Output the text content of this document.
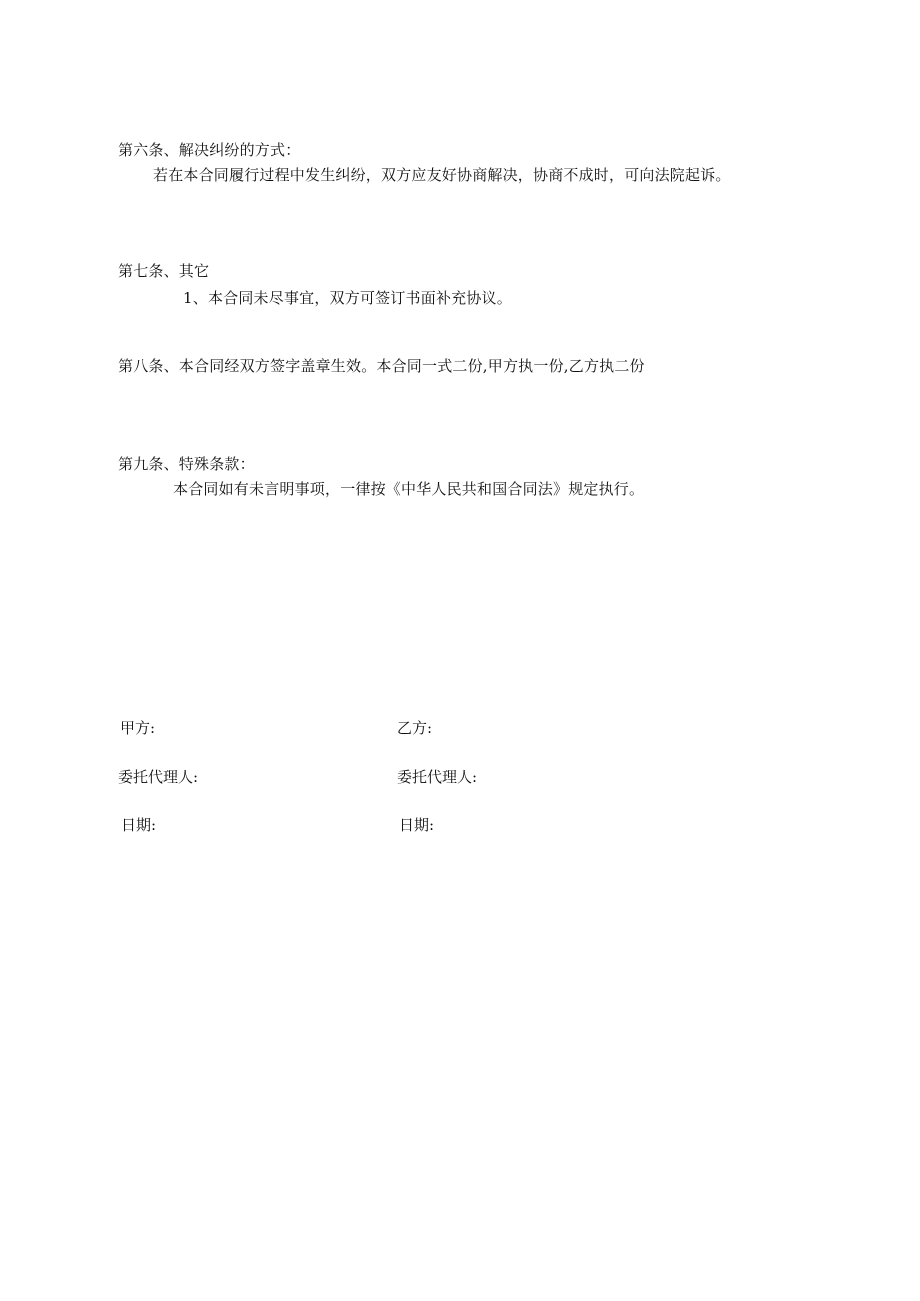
第六条、解决纠纷的方式：
若在本合同履行过程中发生纠纷，双方应友好协商解决，协商不成时，可向法院起诉。
第七条、其它
1、本合同未尽事宜，双方可签订书面补充协议。
第八条、本合同经双方签字盖章生效。本合同一式二份,甲方执一份,乙方执二份
第九条、特殊条款：
本合同如有未言明事项，一律按《中华人民共和国合同法》规定执行。
甲方:	乙方:
委托代理人:	委托代理人:
日期:	日期:
